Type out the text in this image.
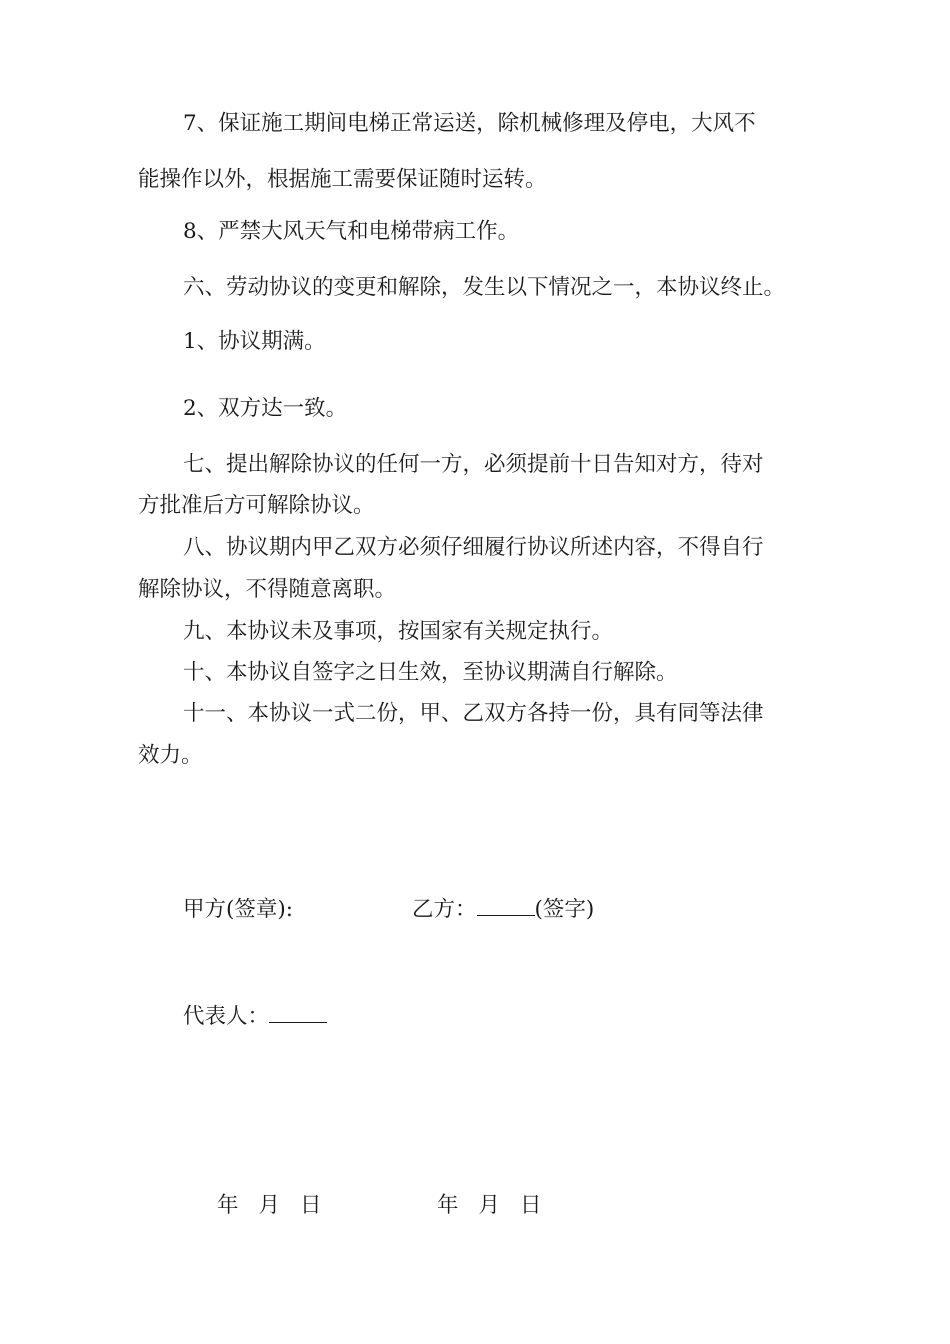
7、保证施工期间电梯正常运送，除机械修理及停电，大风不
能操作以外，根据施工需要保证随时运转。
8、严禁大风天气和电梯带病工作。
六、劳动协议的变更和解除，发生以下情况之一，本协议终止。
1、协议期满。
2、双方达一致。
七、提出解除协议的任何一方，必须提前十日告知对方，待对
方批准后方可解除协议。
八、协议期内甲乙双方必须仔细履行协议所述内容，不得自行
解除协议，不得随意离职。
九、本协议未及事项，按国家有关规定执行。
十、本协议自签字之日生效，至协议期满自行解除。
十一、本协议一式二份，甲、乙双方各持一份，具有同等法律
效力。
甲方(签章):	乙方：	(签字)
代表人：
年 月 日	年 月 日
